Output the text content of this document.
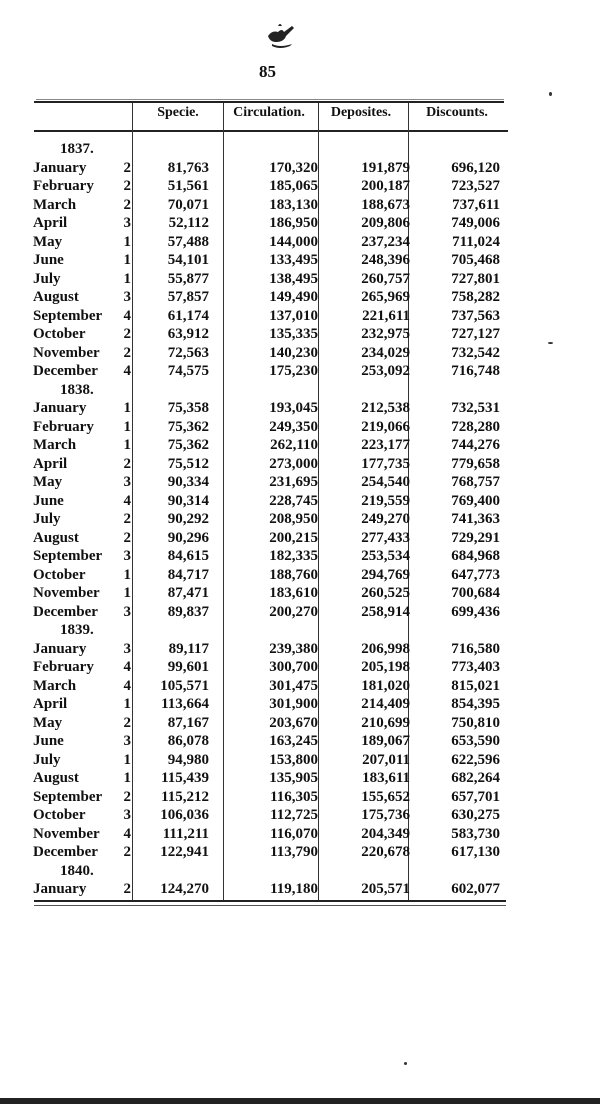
85
Specie.	Circulation.	Deposites.	Discounts.
1837.
January	2	81,763	170,320	191,879	696,120
February	2	51,561	185,065	200,187	723,527
March	2	70,071	183,130	188,673	737,611
April	3	52,112	186,950	209,806	749,006
May	1	57,488	144,000	237,234	711,024
June	1	54,101	133,495	248,396	705,468
July	1	55,877	138,495	260,757	727,801
August	3	57,857	149,490	265,969	758,282
September	4	61,174	137,010	221,611	737,563
October	2	63,912	135,335	232,975	727,127
November	2	72,563	140,230	234,029	732,542
December	4	74,575	175,230	253,092	716,748
1838.
January	1	75,358	193,045	212,538	732,531
February	1	75,362	249,350	219,066	728,280
March	1	75,362	262,110	223,177	744,276
April	2	75,512	273,000	177,735	779,658
May	3	90,334	231,695	254,540	768,757
June	4	90,314	228,745	219,559	769,400
July	2	90,292	208,950	249,270	741,363
August	2	90,296	200,215	277,433	729,291
September	3	84,615	182,335	253,534	684,968
October	1	84,717	188,760	294,769	647,773
November	1	87,471	183,610	260,525	700,684
December	3	89,837	200,270	258,914	699,436
1839.
January	3	89,117	239,380	206,998	716,580
February	4	99,601	300,700	205,198	773,403
March	4	105,571	301,475	181,020	815,021
April	1	113,664	301,900	214,409	854,395
May	2	87,167	203,670	210,699	750,810
June	3	86,078	163,245	189,067	653,590
July	1	94,980	153,800	207,011	622,596
August	1	115,439	135,905	183,611	682,264
September	2	115,212	116,305	155,652	657,701
October	3	106,036	112,725	175,736	630,275
November	4	111,211	116,070	204,349	583,730
December	2	122,941	113,790	220,678	617,130
1840.
January	2	124,270	119,180	205,571	602,077
